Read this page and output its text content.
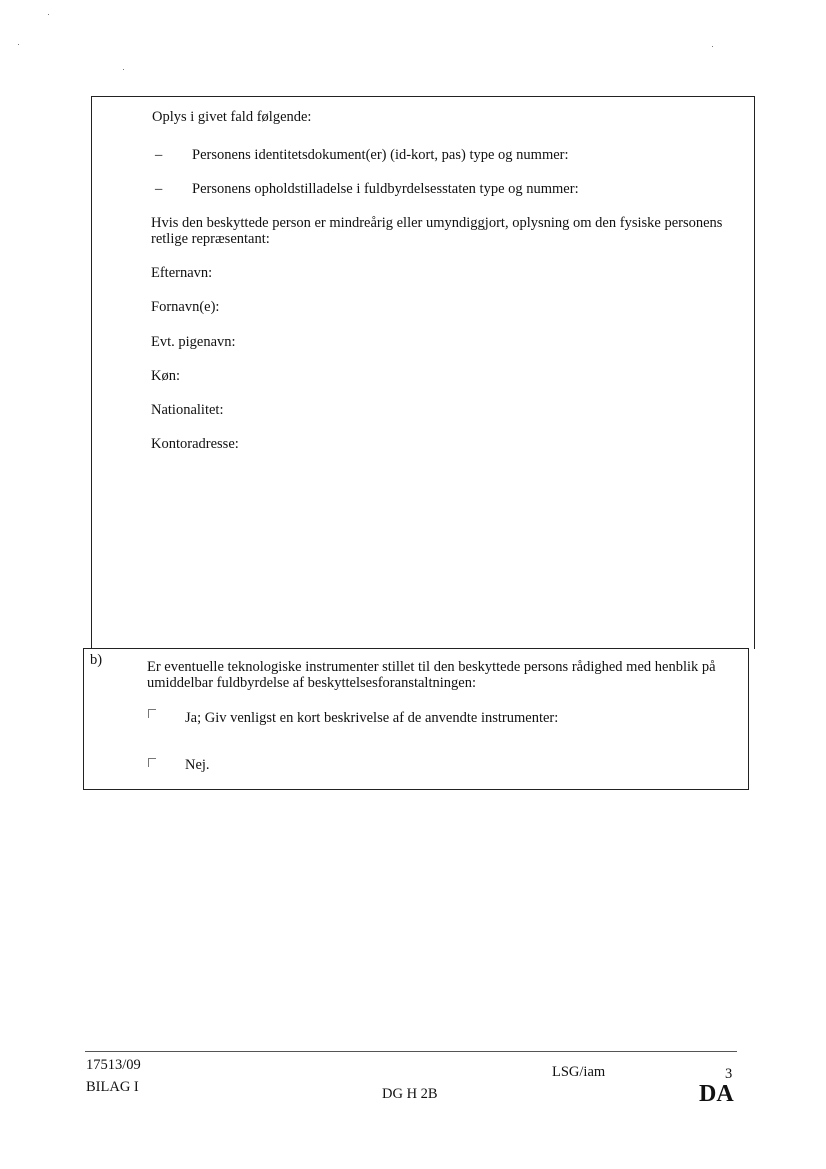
Oplys i givet fald følgende:
– Personens identitetsdokument(er) (id-kort, pas) type og nummer:
– Personens opholdstilladelse i fuldbyrdelsesstaten type og nummer:
Hvis den beskyttede person er mindreårig eller umyndiggjort, oplysning om den fysiske personens retlige repræsentant:
Efternavn:
Fornavn(e):
Evt. pigenavn:
Køn:
Nationalitet:
Kontoradresse:
b)	Er eventuelle teknologiske instrumenter stillet til den beskyttede persons rådighed med henblik på umiddelbar fuldbyrdelse af beskyttelsesforanstaltningen:
Ja; Giv venligst en kort beskrivelse af de anvendte instrumenter:
Nej.
17513/09
BILAG I
LSG/iam	3
DG H 2B	DA
